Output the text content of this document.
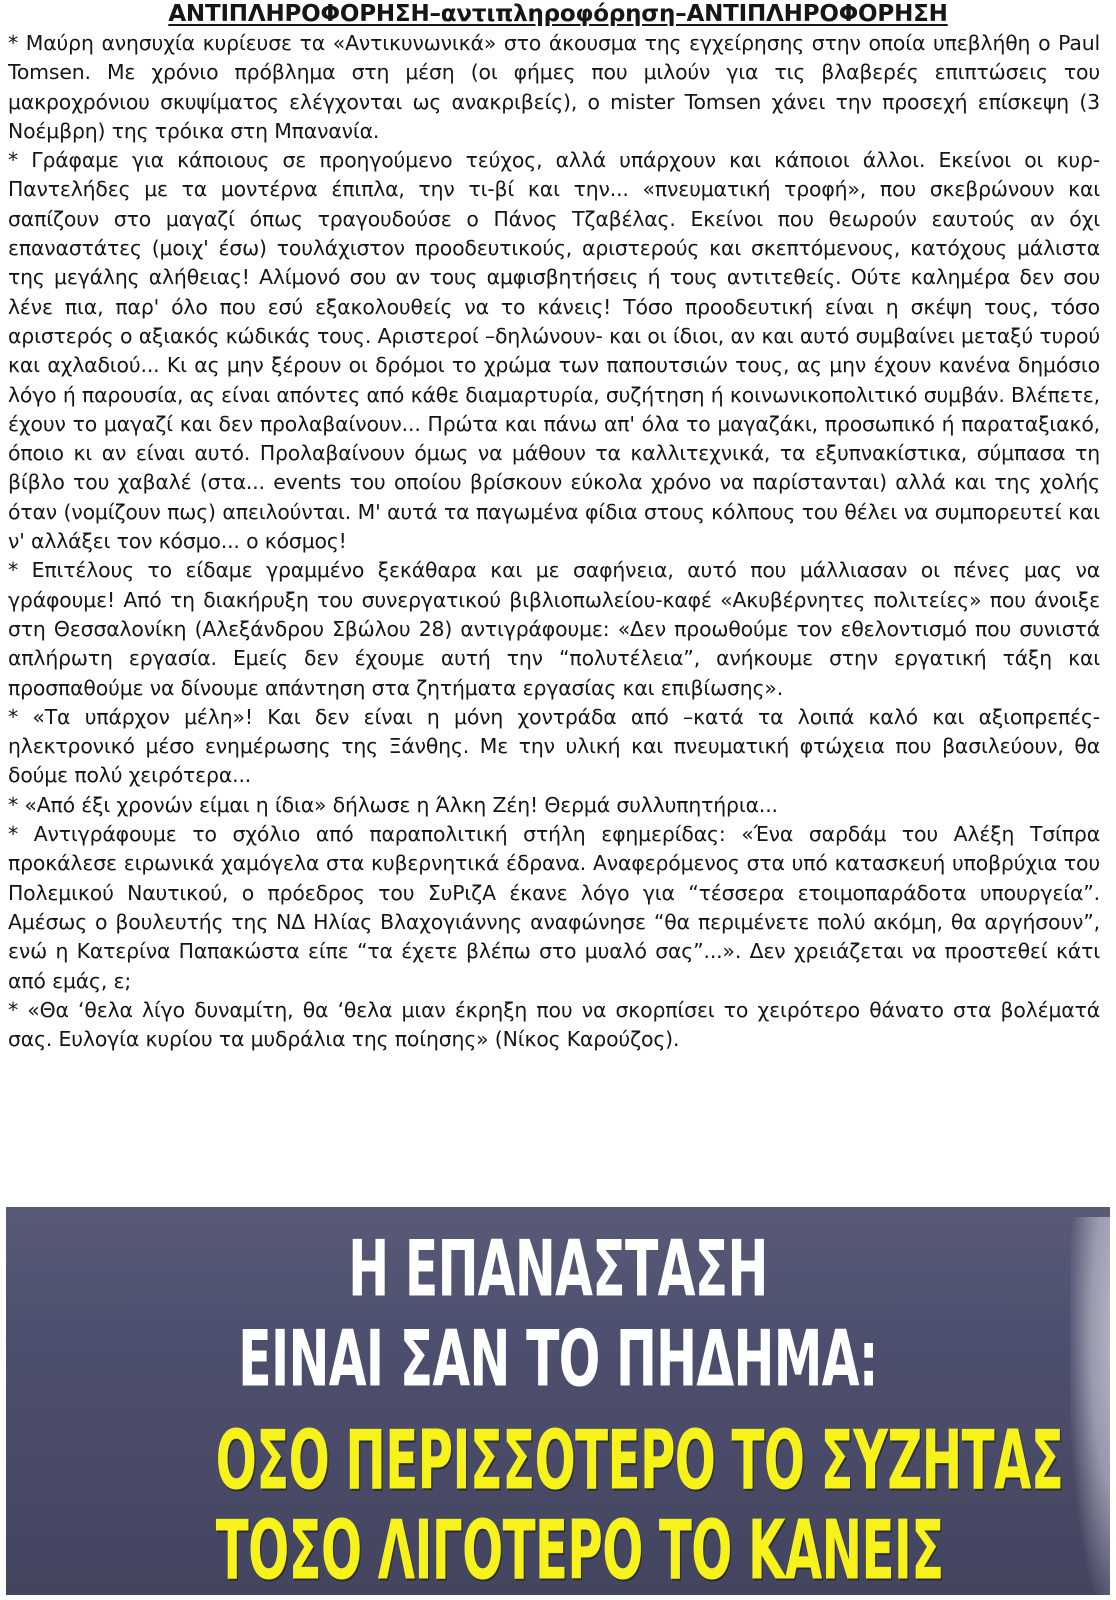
ΑΝΤΙΠΛΗΡΟΦΟΡΗΣΗ–αντιπληροφόρηση–ΑΝΤΙΠΛΗΡΟΦΟΡΗΣΗ

* Μαύρη ανησυχία κυρίευσε τα «Αντικυνωνικά» στο άκουσμα της εγχείρησης στην οποία υπεβλήθη ο Paul Tomsen. Με χρόνιο πρόβλημα στη μέση (οι φήμες που μιλούν για τις βλαβερές επιπτώσεις του μακροχρόνιου σκυψίματος ελέγχονται ως ανακριβείς), ο mister Tomsen χάνει την προσεχή επίσκεψη (3 Νοέμβρη) της τρόικα στη Μπανανία.

* Γράφαμε για κάποιους σε προηγούμενο τεύχος, αλλά υπάρχουν και κάποιοι άλλοι. Εκείνοι οι κυρ-Παντελήδες με τα μοντέρνα έπιπλα, την τι-βί και την... «πνευματική τροφή», που σκεβρώνουν και σαπίζουν στο μαγαζί όπως τραγουδούσε ο Πάνος Τζαβέλας. Εκείνοι που θεωρούν εαυτούς αν όχι επαναστάτες (μοιχ' έσω) τουλάχιστον προοδευτικούς, αριστερούς και σκεπτόμενους, κατόχους μάλιστα της μεγάλης αλήθειας! Αλίμονό σου αν τους αμφισβητήσεις ή τους αντιτεθείς. Ούτε καλημέρα δεν σου λένε πια, παρ' όλο που εσύ εξακολουθείς να το κάνεις! Τόσο προοδευτική είναι η σκέψη τους, τόσο αριστερός ο αξιακός κώδικάς τους. Αριστεροί –δηλώνουν- και οι ίδιοι, αν και αυτό συμβαίνει μεταξύ τυρού και αχλαδιού... Κι ας μην ξέρουν οι δρόμοι το χρώμα των παπουτσιών τους, ας μην έχουν κανένα δημόσιο λόγο ή παρουσία, ας είναι απόντες από κάθε διαμαρτυρία, συζήτηση ή κοινωνικοπολιτικό συμβάν. Βλέπετε, έχουν το μαγαζί και δεν προλαβαίνουν... Πρώτα και πάνω απ' όλα το μαγαζάκι, προσωπικό ή παραταξιακό, όποιο κι αν είναι αυτό. Προλαβαίνουν όμως να μάθουν τα καλλιτεχνικά, τα εξυπνακίστικα, σύμπασα τη βίβλο του χαβαλέ (στα... events του οποίου βρίσκουν εύκολα χρόνο να παρίστανται) αλλά και της χολής όταν (νομίζουν πως) απειλούνται. Μ' αυτά τα παγωμένα φίδια στους κόλπους του θέλει να συμπορευτεί και ν' αλλάξει τον κόσμο... ο κόσμος!

* Επιτέλους το είδαμε γραμμένο ξεκάθαρα και με σαφήνεια, αυτό που μάλλιασαν οι πένες μας να γράφουμε! Από τη διακήρυξη του συνεργατικού βιβλιοπωλείου-καφέ «Ακυβέρνητες πολιτείες» που άνοιξε στη Θεσσαλονίκη (Αλεξάνδρου Σβώλου 28) αντιγράφουμε: «Δεν προωθούμε τον εθελοντισμό που συνιστά απλήρωτη εργασία. Εμείς δεν έχουμε αυτή την “πολυτέλεια”, ανήκουμε στην εργατική τάξη και προσπαθούμε να δίνουμε απάντηση στα ζητήματα εργασίας και επιβίωσης».

* «Τα υπάρχον μέλη»! Και δεν είναι η μόνη χοντράδα από –κατά τα λοιπά καλό και αξιοπρεπές- ηλεκτρονικό μέσο ενημέρωσης της Ξάνθης. Με την υλική και πνευματική φτώχεια που βασιλεύουν, θα δούμε πολύ χειρότερα...

* «Από έξι χρονών είμαι η ίδια» δήλωσε η Άλκη Ζέη! Θερμά συλλυπητήρια...

* Αντιγράφουμε το σχόλιο από παραπολιτική στήλη εφημερίδας: «Ένα σαρδάμ του Αλέξη Τσίπρα προκάλεσε ειρωνικά χαμόγελα στα κυβερνητικά έδρανα. Αναφερόμενος στα υπό κατασκευή υποβρύχια του Πολεμικού Ναυτικού, ο πρόεδρος του ΣυΡιζΑ έκανε λόγο για “τέσσερα ετοιμοπαράδοτα υπουργεία”. Αμέσως ο βουλευτής της ΝΔ Ηλίας Βλαχογιάννης αναφώνησε “θα περιμένετε πολύ ακόμη, θα αργήσουν”, ενώ η Κατερίνα Παπακώστα είπε “τα έχετε βλέπω στο μυαλό σας”...». Δεν χρειάζεται να προστεθεί κάτι από εμάς, ε;

* «Θα ‘θελα λίγο δυναμίτη, θα ‘θελα μιαν έκρηξη που να σκορπίσει το χειρότερο θάνατο στα βολέματά σας. Ευλογία κυρίου τα μυδράλια της ποίησης» (Νίκος Καρούζος).

Η ΕΠΑΝΑΣΤΑΣΗ
ΕΙΝΑΙ ΣΑΝ ΤΟ ΠΗΔΗΜΑ:
ΟΣΟ ΠΕΡΙΣΣΟΤΕΡΟ ΤΟ ΣΥΖΗΤΑΣ
ΤΟΣΟ ΛΙΓΟΤΕΡΟ ΤΟ ΚΑΝΕΙΣ
